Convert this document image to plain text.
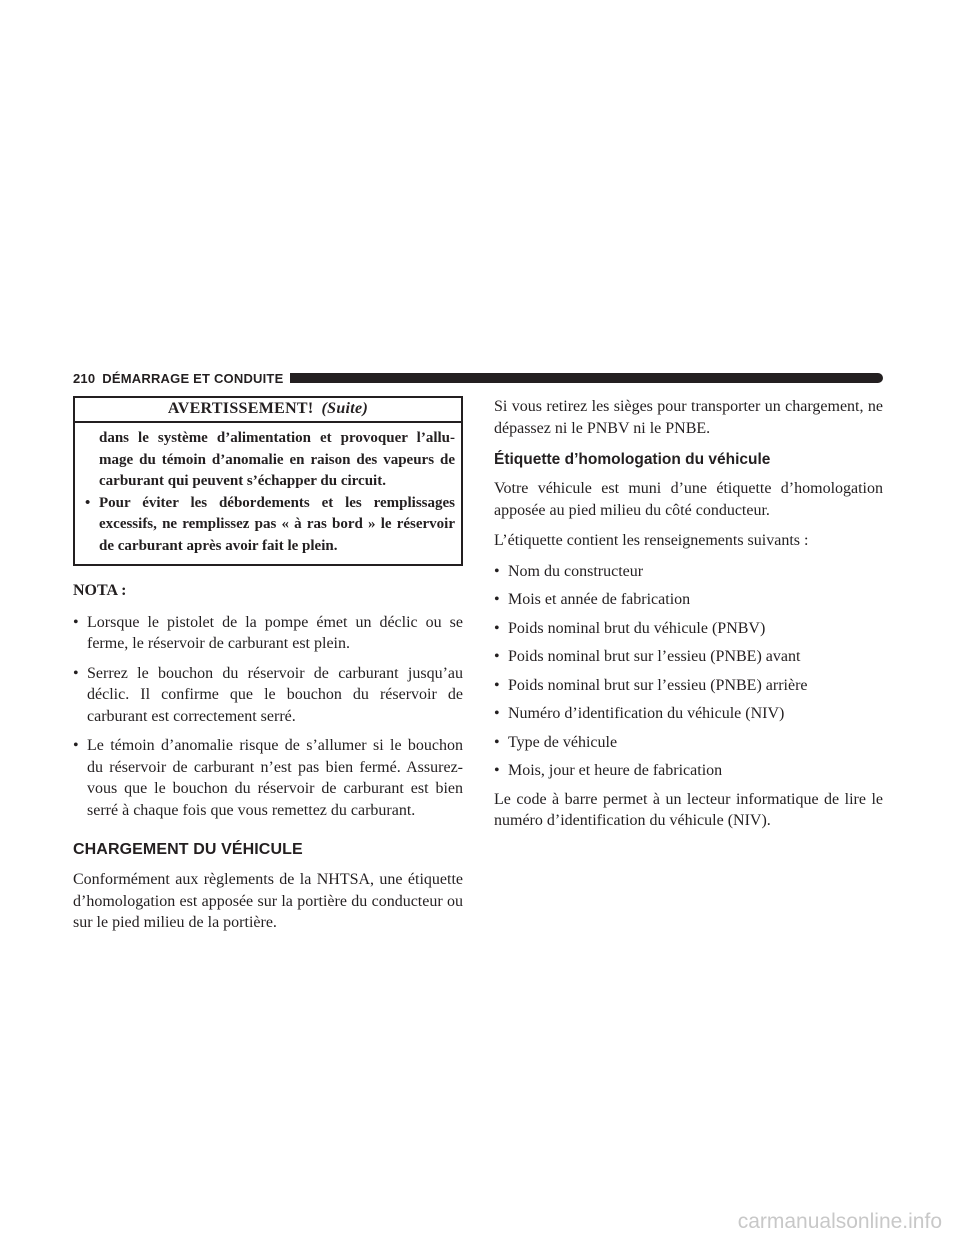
210 DÉMARRAGE ET CONDUITE
AVERTISSEMENT! (Suite)
dans le système d’alimentation et provoquer l’allu-mage du témoin d’anomalie en raison des vapeurs de carburant qui peuvent s’échapper du circuit.
• Pour éviter les débordements et les remplissages excessifs, ne remplissez pas « à ras bord » le réservoir de carburant après avoir fait le plein.

NOTA :

• Lorsque le pistolet de la pompe émet un déclic ou se ferme, le réservoir de carburant est plein.
• Serrez le bouchon du réservoir de carburant jusqu’au déclic. Il confirme que le bouchon du réservoir de carburant est correctement serré.
• Le témoin d’anomalie risque de s’allumer si le bouchon du réservoir de carburant n’est pas bien fermé. Assurez-vous que le bouchon du réservoir de carburant est bien serré à chaque fois que vous remettez du carburant.
CHARGEMENT DU VÉHICULE

Conformément aux règlements de la NHTSA, une étiquette d’homologation est apposée sur la portière du conducteur ou sur le pied milieu de la portière.

Si vous retirez les sièges pour transporter un chargement, ne dépassez ni le PNBV ni le PNBE.

Étiquette d’homologation du véhicule

Votre véhicule est muni d’une étiquette d’homologation apposée au pied milieu du côté conducteur.

L’étiquette contient les renseignements suivants :

• Nom du constructeur
• Mois et année de fabrication
• Poids nominal brut du véhicule (PNBV)
• Poids nominal brut sur l’essieu (PNBE) avant
• Poids nominal brut sur l’essieu (PNBE) arrière
• Numéro d’identification du véhicule (NIV)
• Type de véhicule
• Mois, jour et heure de fabrication

Le code à barre permet à un lecteur informatique de lire le numéro d’identification du véhicule (NIV).

carmanualsonline.info
